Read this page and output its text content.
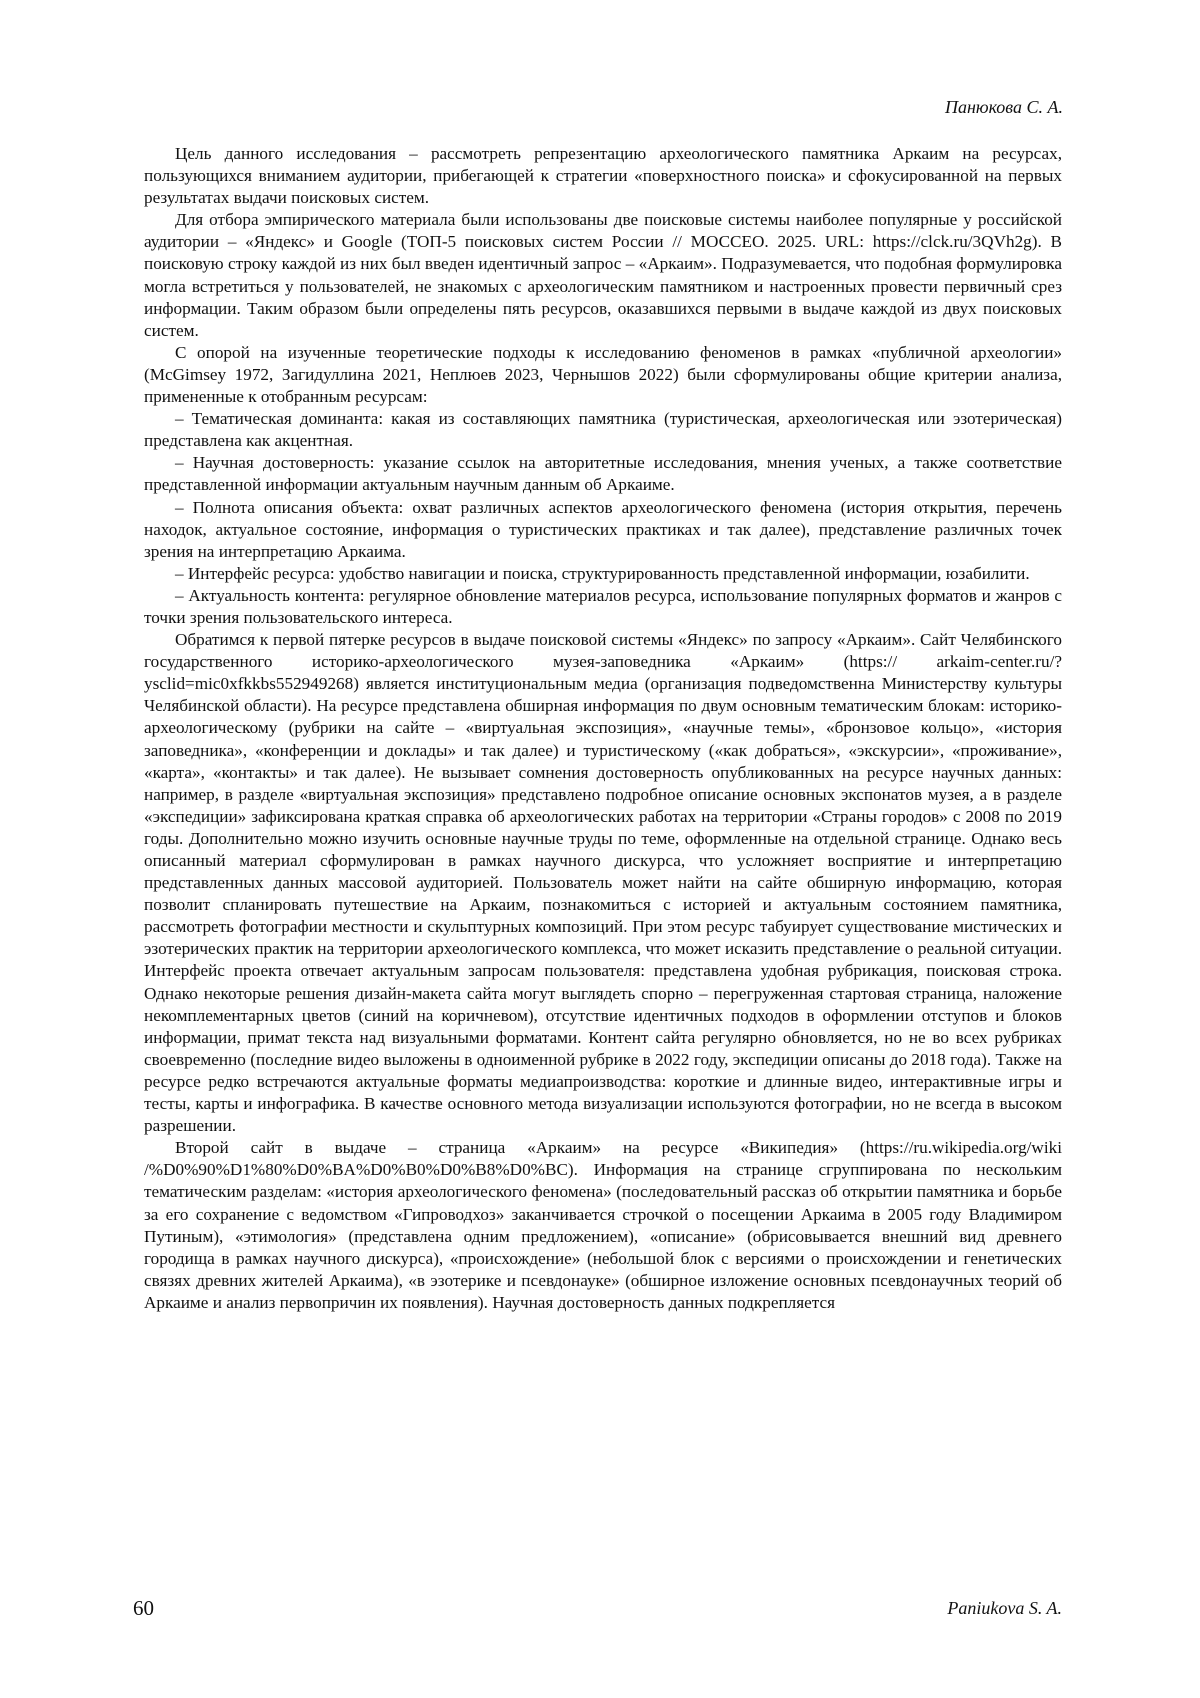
Панюкова С. А.

Цель данного исследования – рассмотреть репрезентацию археологического памятника Аркаим на ресурсах, пользующихся вниманием аудитории, прибегающей к стратегии «поверхностного поиска» и сфокусированной на первых результатах выдачи поисковых систем.

Для отбора эмпирического материала были использованы две поисковые системы наиболее популярные у российской аудитории – «Яндекс» и Google (ТОП-5 поисковых систем России // МОССЕО. 2025. URL: https://clck.ru/3QVh2g). В поисковую строку каждой из них был введен идентичный запрос – «Аркаим». Подразумевается, что подобная формулировка могла встретиться у пользователей, не знакомых с археологическим памятником и настроенных провести первичный срез информации. Таким образом были определены пять ресурсов, оказавшихся первыми в выдаче каждой из двух поисковых систем.

С опорой на изученные теоретические подходы к исследованию феноменов в рамках «публичной археологии» (McGimsey 1972, Загидуллина 2021, Неплюев 2023, Чернышов 2022) были сформулированы общие критерии анализа, примененные к отобранным ресурсам:

– Тематическая доминанта: какая из составляющих памятника (туристическая, археологическая или эзотерическая) представлена как акцентная.

– Научная достоверность: указание ссылок на авторитетные исследования, мнения ученых, а также соответствие представленной информации актуальным научным данным об Аркаиме.

– Полнота описания объекта: охват различных аспектов археологического феномена (история открытия, перечень находок, актуальное состояние, информация о туристических практиках и так далее), представление различных точек зрения на интерпретацию Аркаима.

– Интерфейс ресурса: удобство навигации и поиска, структурированность представленной информации, юзабилити.

– Актуальность контента: регулярное обновление материалов ресурса, использование популярных форматов и жанров с точки зрения пользовательского интереса.

Обратимся к первой пятерке ресурсов в выдаче поисковой системы «Яндекс» по запросу «Аркаим». Сайт Челябинского государственного историко-археологического музея-заповедника «Аркаим» (https:// arkaim-center.ru/?ysclid=mic0xfkkbs552949268) является институциональным медиа (организация подведомственна Министерству культуры Челябинской области). На ресурсе представлена обширная информация по двум основным тематическим блокам: историко-археологическому (рубрики на сайте – «виртуальная экспозиция», «научные темы», «бронзовое кольцо», «история заповедника», «конференции и доклады» и так далее) и туристическому («как добраться», «экскурсии», «проживание», «карта», «контакты» и так далее). Не вызывает сомнения достоверность опубликованных на ресурсе научных данных: например, в разделе «виртуальная экспозиция» представлено подробное описание основных экспонатов музея, а в разделе «экспедиции» зафиксирована краткая справка об археологических работах на территории «Страны городов» с 2008 по 2019 годы. Дополнительно можно изучить основные научные труды по теме, оформленные на отдельной странице. Однако весь описанный материал сформулирован в рамках научного дискурса, что усложняет восприятие и интерпретацию представленных данных массовой аудиторией. Пользователь может найти на сайте обширную информацию, которая позволит спланировать путешествие на Аркаим, познакомиться с историей и актуальным состоянием памятника, рассмотреть фотографии местности и скульптурных композиций. При этом ресурс табуирует существование мистических и эзотерических практик на территории археологического комплекса, что может исказить представление о реальной ситуации. Интерфейс проекта отвечает актуальным запросам пользователя: представлена удобная рубрикация, поисковая строка. Однако некоторые решения дизайн-макета сайта могут выглядеть спорно – перегруженная стартовая страница, наложение некомплементарных цветов (синий на коричневом), отсутствие идентичных подходов в оформлении отступов и блоков информации, примат текста над визуальными форматами. Контент сайта регулярно обновляется, но не во всех рубриках своевременно (последние видео выложены в одноименной рубрике в 2022 году, экспедиции описаны до 2018 года). Также на ресурсе редко встречаются актуальные форматы медиапроизводства: короткие и длинные видео, интерактивные игры и тесты, карты и инфографика. В качестве основного метода визуализации используются фотографии, но не всегда в высоком разрешении.

Второй сайт в выдаче – страница «Аркаим» на ресурсе «Википедия» (https://ru.wikipedia.org/wiki /%D0%90%D1%80%D0%BA%D0%B0%D0%B8%D0%BC). Информация на странице сгруппирована по нескольким тематическим разделам: «история археологического феномена» (последовательный рассказ об открытии памятника и борьбе за его сохранение с ведомством «Гипроводхоз» заканчивается строчкой о посещении Аркаима в 2005 году Владимиром Путиным), «этимология» (представлена одним предложением), «описание» (обрисовывается внешний вид древнего городища в рамках научного дискурса), «происхождение» (небольшой блок с версиями о происхождении и генетических связях древних жителей Аркаима), «в эзотерике и псевдонауке» (обширное изложение основных псевдонаучных теорий об Аркаиме и анализ первопричин их появления). Научная достоверность данных подкрепляется

60	Paniukova S. A.
